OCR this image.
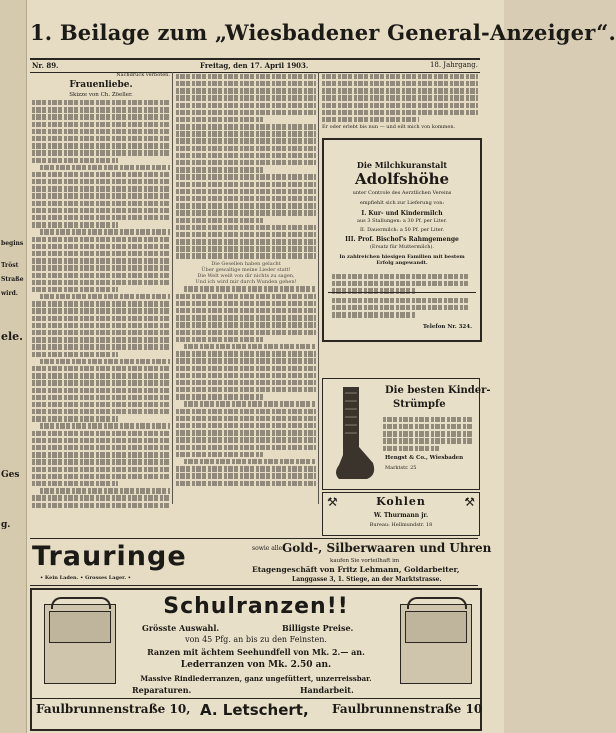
begins
Tröst
Straße
wird.
ele.
Ges
g.
1. Beilage zum „Wiesbadener General-Anzeiger“.
Nr. 89.	Freitag, den 17. April 1903.	18. Jahrgang.
Nachdruck verboten.
Frauenliebe.
Skizze von Ch. Zöeller.
Die Gesellen haben gelacht
Über gewaltige meine Lieder statt!
Die Welt weiß von dir nichts zu sagen,
Und ich wird mir durch Wunden gehen!
Er oder erlebt bis nun — und eilt mich von kommen.
Die Milchkuranstalt
Adolfshöhe
unter Controle des Aerztlichen Vereins
empfiehlt sich zur Lieferung von:
I. Kur- und Kindermilch
aus 3 Stallungen: a 30 Pf. per Liter.
II. Dauermilch: a 50 Pf. per Liter.
III. Prof. Bischof's Rahmgemenge
(Ersatz für Muttermilch).
In zahlreichen hiesigen Familien mit bestem Erfolg angewandt.
Telefon Nr. 324.
Die besten Kinder-
Strümpfe
Hengst & Co., Wiesbaden
Marktstr. 25
⚒	⚒
Kohlen
W. Thurmann jr.
Bureau: Hellmundstr. 18
Trauringe
• Kein Laden. • Grosses Lager. •
sowie alle Gold-, Silberwaaren und Uhren
kaufen Sie vorteilhaft im
Etagengeschäft von Fritz Lehmann, Goldarbeiter,
Langgasse 3, 1. Stiege, an der Marktstrasse.
Schulranzen!!
Grösste Auswahl.	Billigste Preise.
von 45 Pfg. an bis zu den Feinsten.
Ranzen mit ächtem Seehundfell von Mk. 2.— an.
Lederranzen von Mk. 2.50 an.
Massive Rindlederranzen, ganz ungefüttert, unzerreissbar.
Reparaturen.	Handarbeit.
Faulbrunnenstraße 10, A. Letschert, Faulbrunnenstraße 10
